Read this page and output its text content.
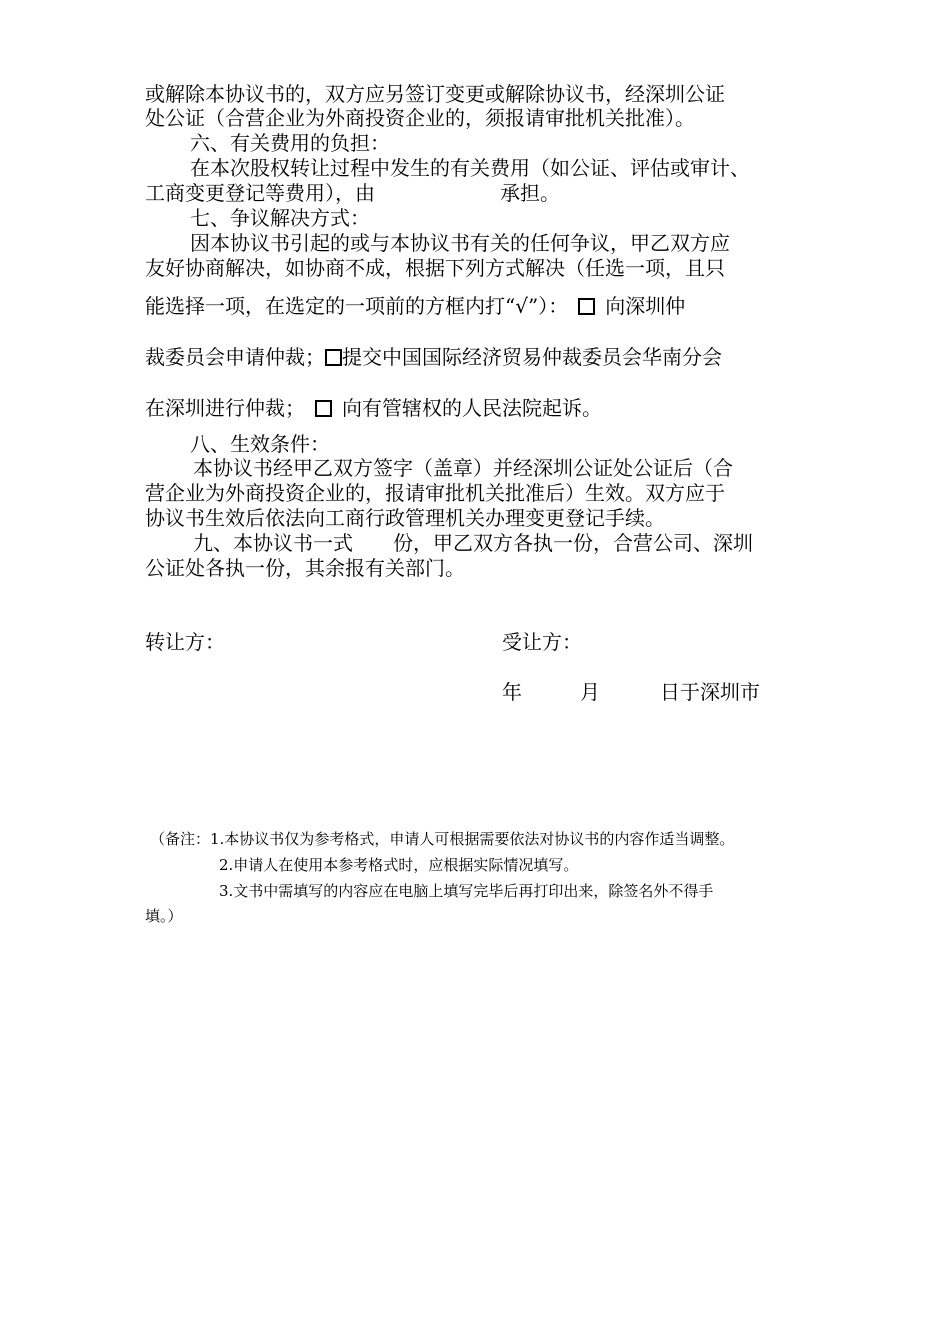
或解除本协议书的，双方应另签订变更或解除协议书，经深圳公证
处公证（合营企业为外商投资企业的，须报请审批机关批准）。
六、有关费用的负担：
在本次股权转让过程中发生的有关费用（如公证、评估或审计、
工商变更登记等费用），由	承担。
七、争议解决方式：
因本协议书引起的或与本协议书有关的任何争议，甲乙双方应
友好协商解决，如协商不成，根据下列方式解决（任选一项，且只
能选择一项，在选定的一项前的方框内打“√”）： 向深圳仲
裁委员会申请仲裁； 提交中国国际经济贸易仲裁委员会华南分会
在深圳进行仲裁； 向有管辖权的人民法院起诉。
八、生效条件：
本协议书经甲乙双方签字（盖章）并经深圳公证处公证后（合
营企业为外商投资企业的，报请审批机关批准后）生效。双方应于
协议书生效后依法向工商行政管理机关办理变更登记手续。
九、本协议书一式 份，甲乙双方各执一份，合营公司、深圳
公证处各执一份，其余报有关部门。
转让方：	受让方：
年	月	日于深圳市
（备注：1.本协议书仅为参考格式，申请人可根据需要依法对协议书的内容作适当调整。
2.申请人在使用本参考格式时，应根据实际情况填写。
3.文书中需填写的内容应在电脑上填写完毕后再打印出来，除签名外不得手
填。）
